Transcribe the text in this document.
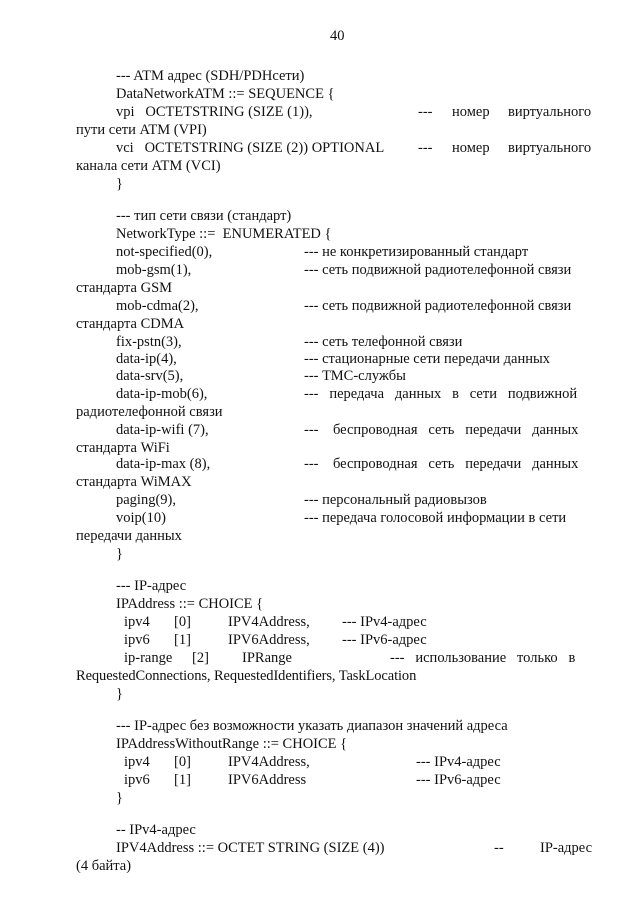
40
--- ATM адрес (SDH/PDHсети)
DataNetworkATM ::= SEQUENCE {
vpi   OCTETSTRING (SIZE (1)),	--- номер виртуального
пути сети ATM (VPI)
vci   OCTETSTRING (SIZE (2)) OPTIONAL --- номер виртуального
канала сети ATM (VCI)
}
--- тип сети связи (стандарт)
NetworkType ::=  ENUMERATED {
not-specified(0),	--- не конкретизированный стандарт
mob-gsm(1),	--- сеть подвижной радиотелефонной связи
стандарта GSM
mob-cdma(2),	--- сеть подвижной радиотелефонной связи
стандарта CDMA
fix-pstn(3),	--- сеть телефонной связи
data-ip(4),	--- стационарные сети передачи данных
data-srv(5),	--- ТМС-службы
data-ip-mob(6),	---   передача   данных   в   сети   подвижной
радиотелефонной связи
data-ip-wifi (7),	---    беспроводная   сеть   передачи   данных
стандарта WiFi
data-ip-max (8),	---    беспроводная   сеть   передачи   данных
стандарта WiMAX
paging(9),	--- персональный радиовызов
voip(10)	--- передача голосовой информации в сети
передачи данных
}
--- IP-адрес
IPAddress ::= CHOICE {
ipv4 [0]	IPV4Address, --- IPv4-адрес
ipv6 [1]	IPV6Address, --- IPv6-адрес
ip-range [2] IPRange	---   использование   только   в
RequestedConnections, RequestedIdentifiers, TaskLocation
}
--- IP-адрес без возможности указать диапазон значений адреса
IPAddressWithoutRange ::= CHOICE {
ipv4 [0]	IPV4Address,	--- IPv4-адрес
ipv6 [1]	IPV6Address	--- IPv6-адрес
}
-- IPv4-адрес
IPV4Address ::= OCTET STRING (SIZE (4))	--	IP-адрес
(4 байта)
